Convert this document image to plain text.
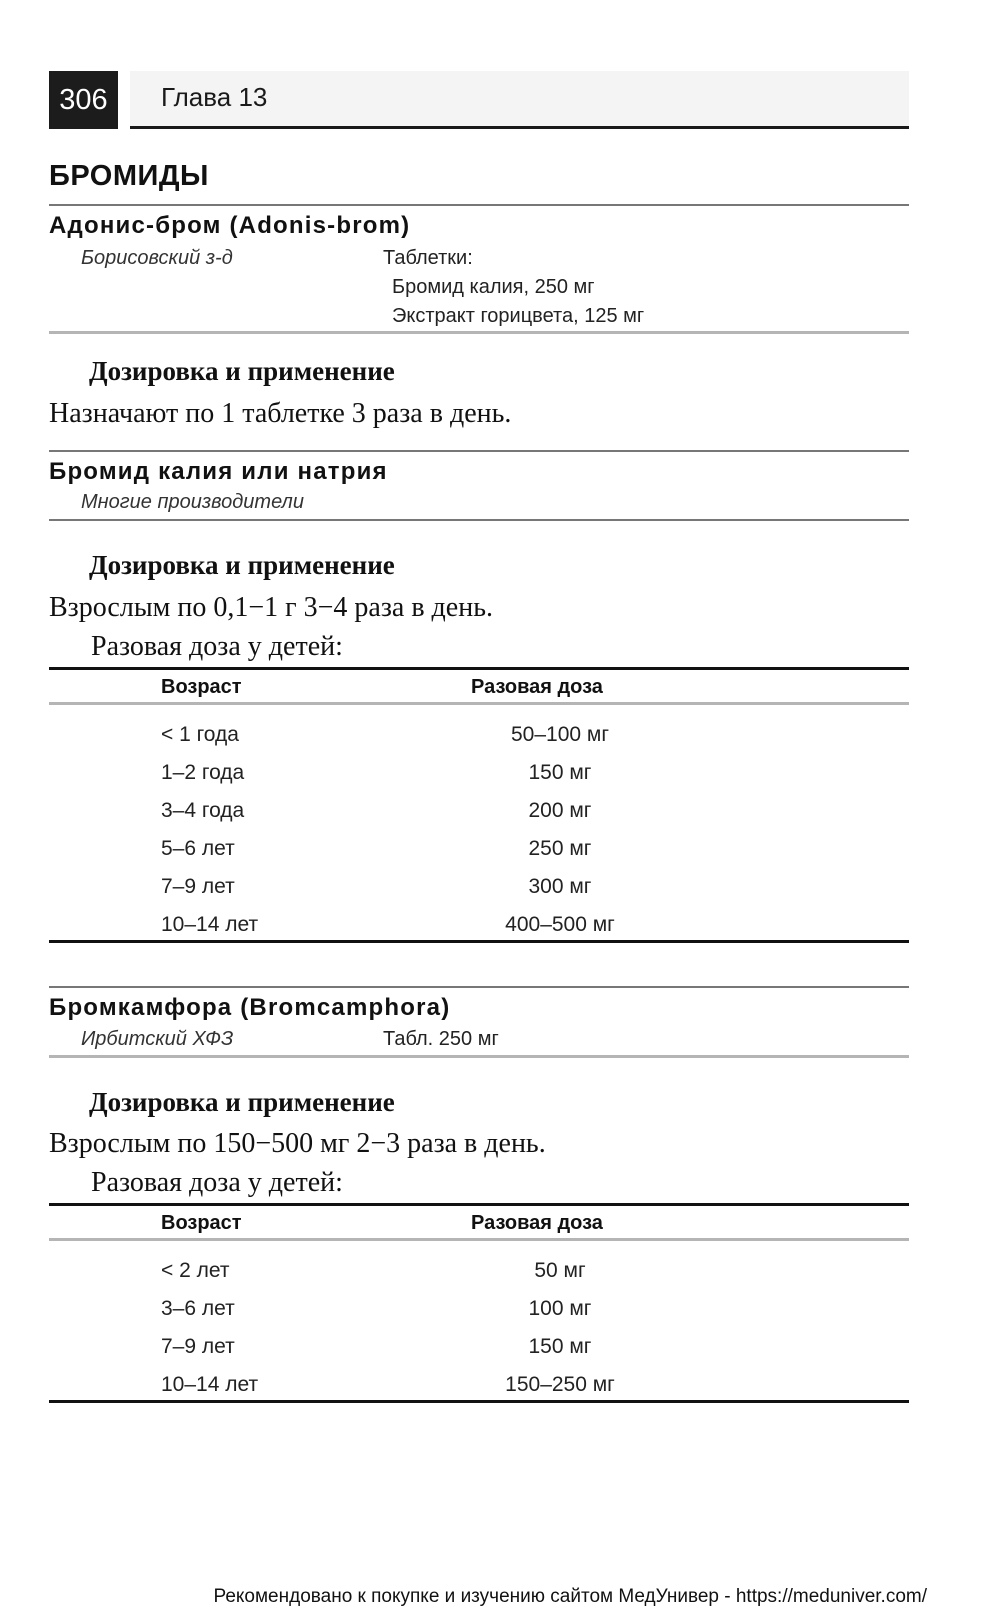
306	Глава 13
БРОМИДЫ
Адонис-бром (Adonis-brom)
Борисовский з-д	Таблетки:
Бромид калия, 250 мг
Экстракт горицвета, 125 мг
Дозировка и применение
Назначают по 1 таблетке 3 раза в день.
Бромид калия или натрия
Многие производители
Дозировка и применение
Взрослым по 0,1−1 г 3−4 раза в день.
Разовая доза у детей:
Возраст	Разовая доза
< 1 года	50–100 мг
1–2 года	150 мг
3–4 года	200 мг
5–6 лет	250 мг
7–9 лет	300 мг
10–14 лет	400–500 мг
Бромкамфора (Bromcamphora)
Ирбитский ХФЗ	Табл. 250 мг
Дозировка и применение
Взрослым по 150−500 мг 2−3 раза в день.
Разовая доза у детей:
Возраст	Разовая доза
< 2 лет	50 мг
3–6 лет	100 мг
7–9 лет	150 мг
10–14 лет	150–250 мг
Рекомендовано к покупке и изучению сайтом МедУнивер - https://meduniver.com/
